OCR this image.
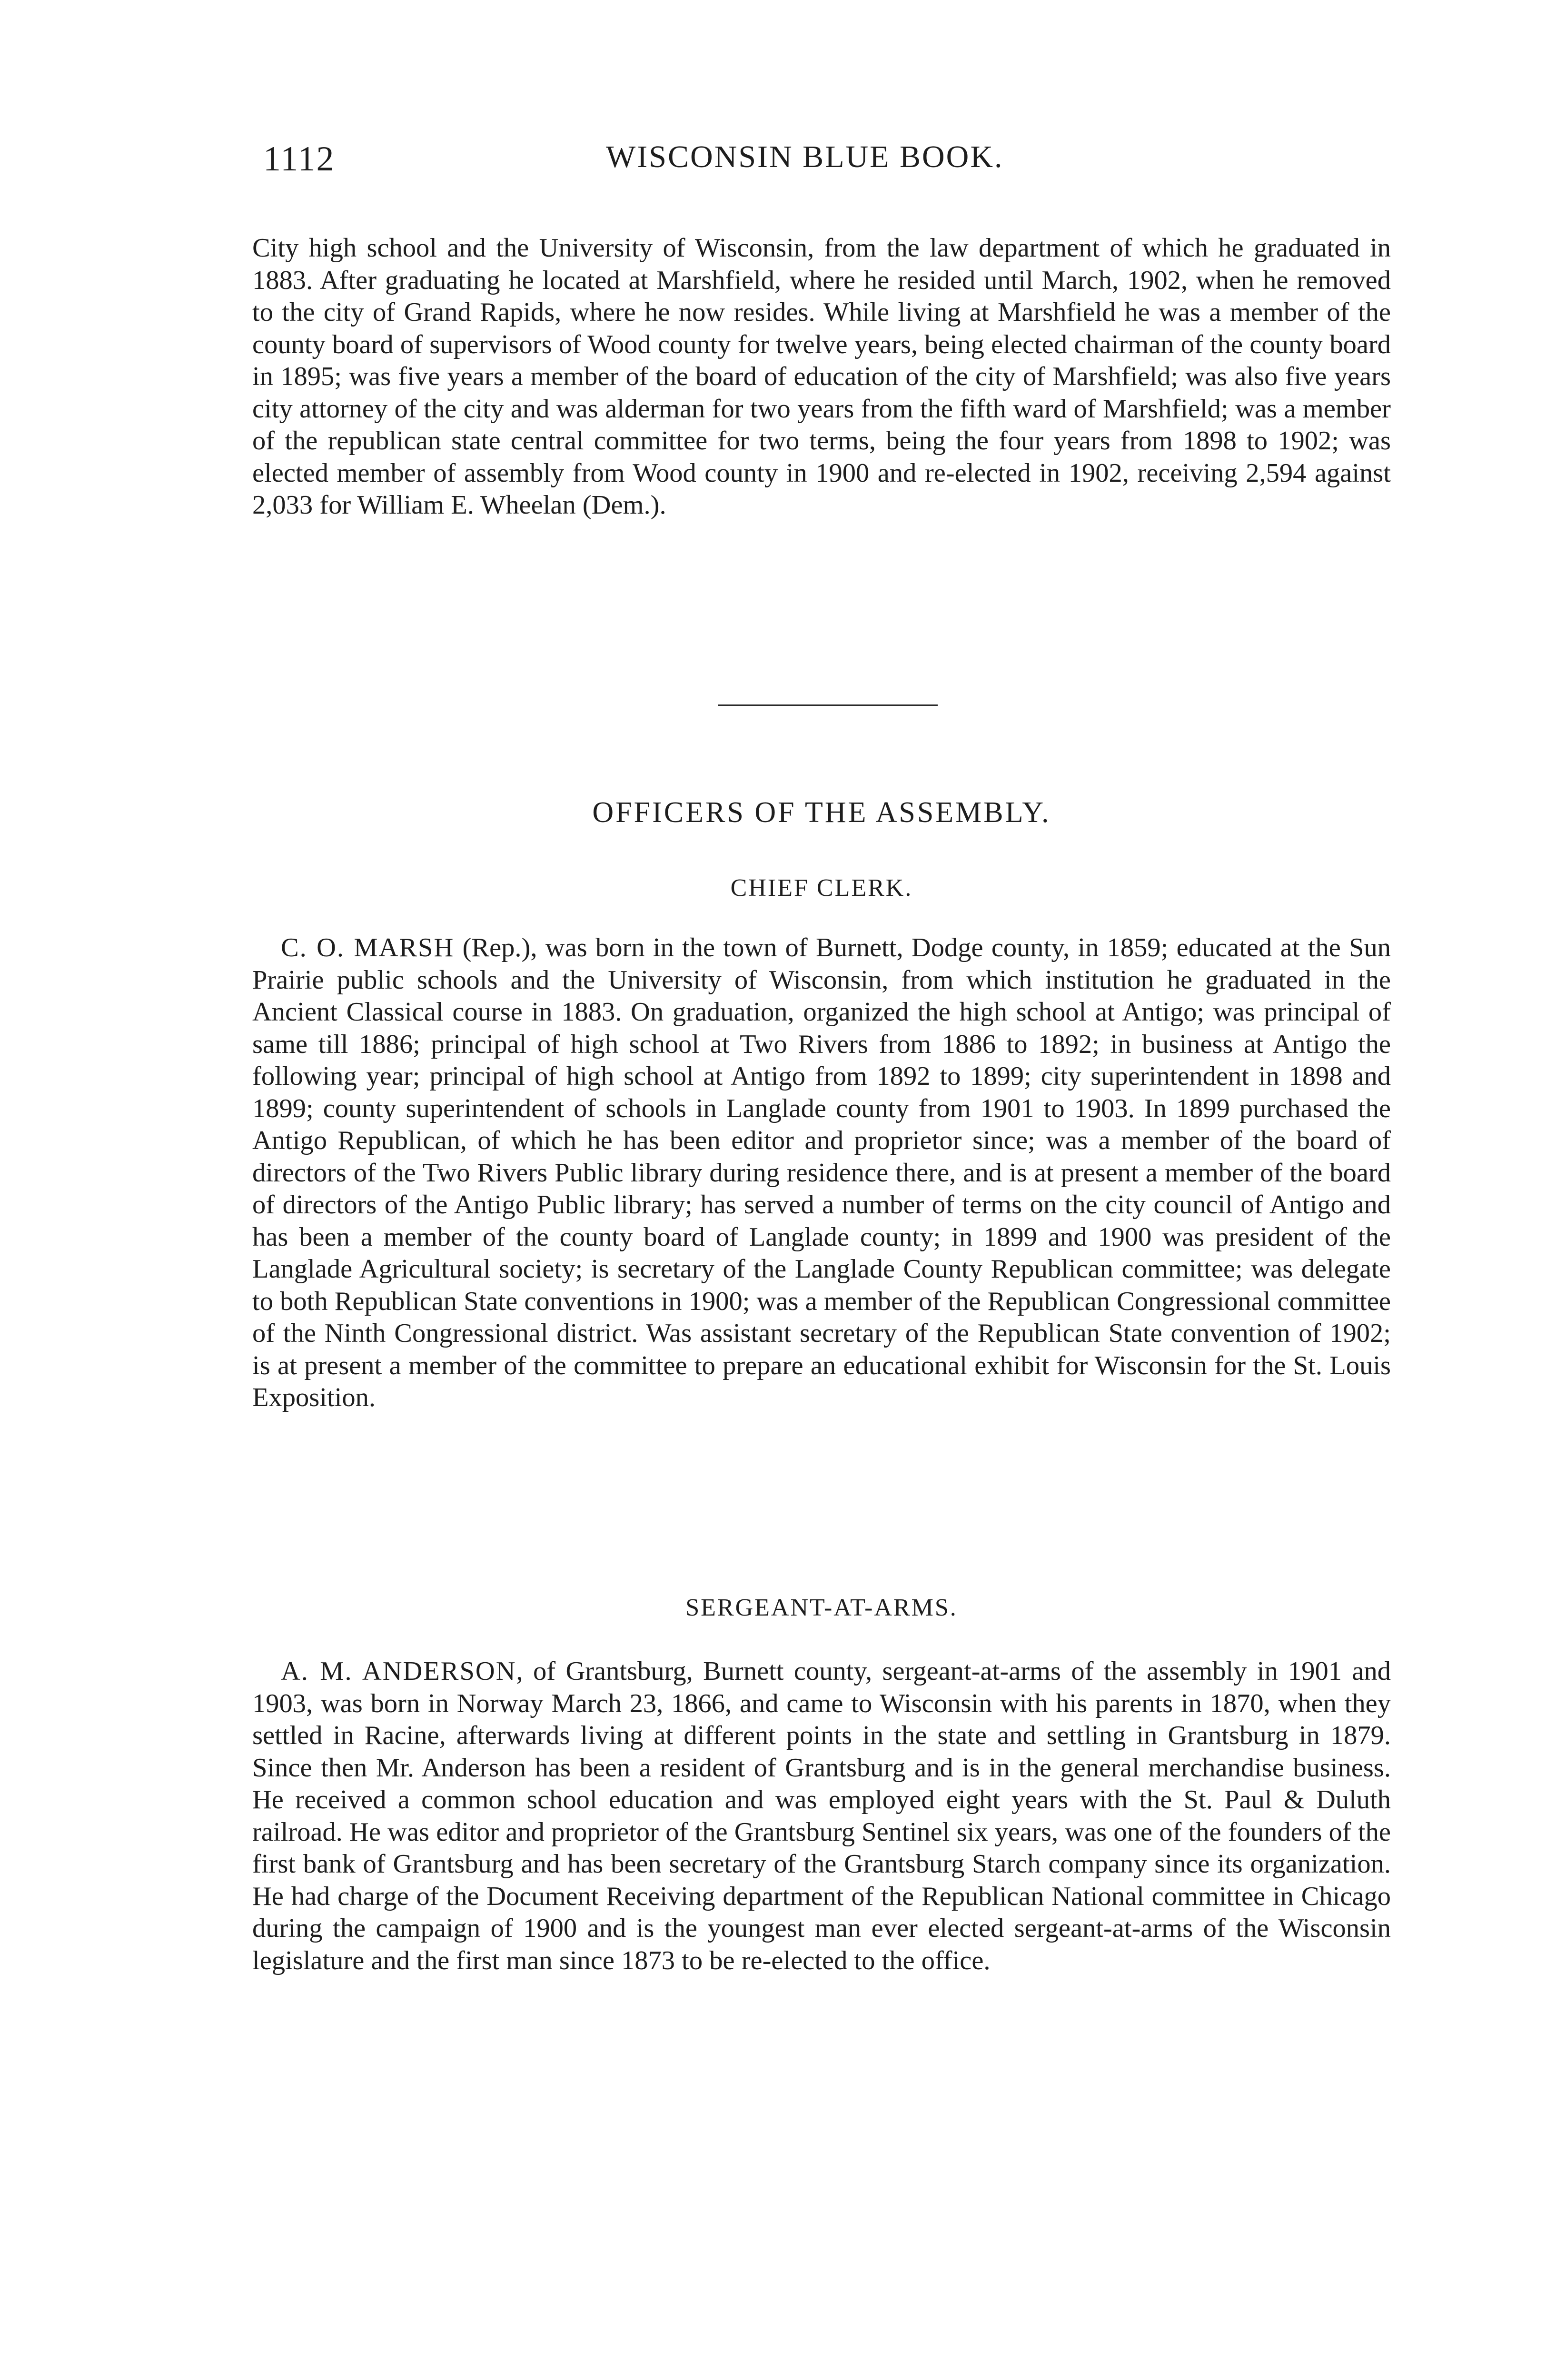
1112	WISCONSIN BLUE BOOK.

City high school and the University of Wisconsin, from the law department of which he graduated in 1883. After graduating he located at Marshfield, where he resided until March, 1902, when he removed to the city of Grand Rapids, where he now resides. While living at Marshfield he was a member of the county board of supervisors of Wood county for twelve years, being elected chairman of the county board in 1895; was five years a member of the board of education of the city of Marshfield; was also five years city attorney of the city and was alderman for two years from the fifth ward of Marshfield; was a member of the republican state central committee for two terms, being the four years from 1898 to 1902; was elected member of assembly from Wood county in 1900 and re-elected in 1902, receiving 2,594 against 2,033 for William E. Wheelan (Dem.).

OFFICERS OF THE ASSEMBLY.
CHIEF CLERK.

C. O. MARSH (Rep.), was born in the town of Burnett, Dodge county, in 1859; educated at the Sun Prairie public schools and the University of Wisconsin, from which institution he graduated in the Ancient Classical course in 1883. On graduation, organized the high school at Antigo; was principal of same till 1886; principal of high school at Two Rivers from 1886 to 1892; in business at Antigo the following year; principal of high school at Antigo from 1892 to 1899; city superintendent in 1898 and 1899; county superintendent of schools in Langlade county from 1901 to 1903. In 1899 purchased the Antigo Republican, of which he has been editor and proprietor since; was a member of the board of directors of the Two Rivers Public library during residence there, and is at present a member of the board of directors of the Antigo Public library; has served a number of terms on the city council of Antigo and has been a member of the county board of Langlade county; in 1899 and 1900 was president of the Langlade Agricultural society; is secretary of the Langlade County Republican committee; was delegate to both Republican State conventions in 1900; was a member of the Republican Congressional committee of the Ninth Congressional district. Was assistant secretary of the Republican State convention of 1902; is at present a member of the committee to prepare an educational exhibit for Wisconsin for the St. Louis Exposition.

SERGEANT-AT-ARMS.

A. M. ANDERSON, of Grantsburg, Burnett county, sergeant-at-arms of the assembly in 1901 and 1903, was born in Norway March 23, 1866, and came to Wisconsin with his parents in 1870, when they settled in Racine, afterwards living at different points in the state and settling in Grantsburg in 1879. Since then Mr. Anderson has been a resident of Grantsburg and is in the general merchandise business. He received a common school education and was employed eight years with the St. Paul & Duluth railroad. He was editor and proprietor of the Grantsburg Sentinel six years, was one of the founders of the first bank of Grantsburg and has been secretary of the Grantsburg Starch company since its organization. He had charge of the Document Receiving department of the Republican National committee in Chicago during the campaign of 1900 and is the youngest man ever elected sergeant-at-arms of the Wisconsin legislature and the first man since 1873 to be re-elected to the office.
